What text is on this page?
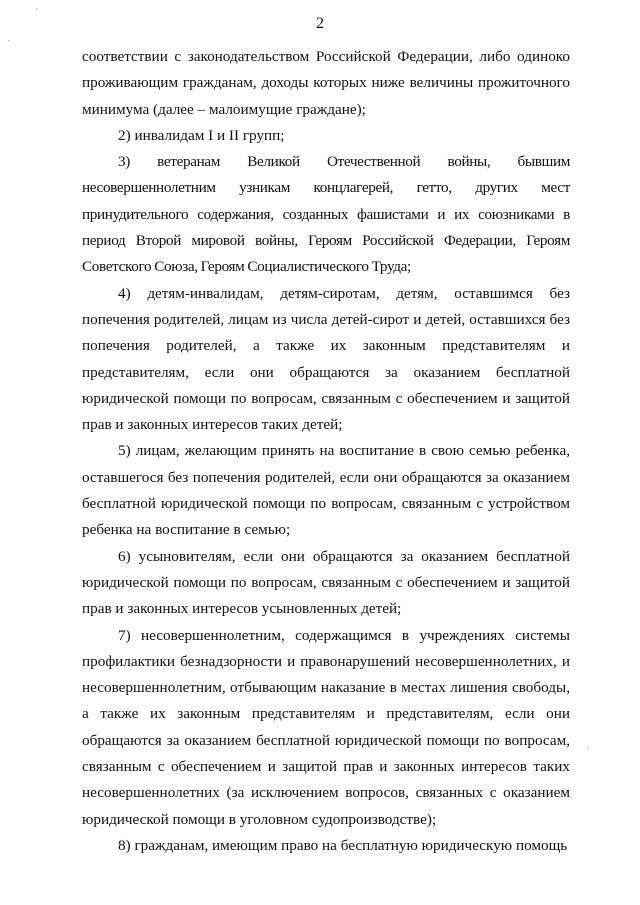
2

соответствии с законодательством Российской Федерации, либо одиноко проживающим гражданам, доходы которых ниже величины прожиточного минимума (далее – малоимущие граждане);

2) инвалидам I и II групп;

3) ветеранам Великой Отечественной войны, бывшим несовершеннолетним узникам концлагерей, гетто, других мест принудительного содержания, созданных фашистами и их союзниками в период Второй мировой войны, Героям Российской Федерации, Героям Советского Союза, Героям Социалистического Труда;

4) детям-инвалидам, детям-сиротам, детям, оставшимся без попечения родителей, лицам из числа детей-сирот и детей, оставшихся без попечения родителей, а также их законным представителям и представителям, если они обращаются за оказанием бесплатной юридической помощи по вопросам, связанным с обеспечением и защитой прав и законных интересов таких детей;

5) лицам, желающим принять на воспитание в свою семью ребенка, оставшегося без попечения родителей, если они обращаются за оказанием бесплатной юридической помощи по вопросам, связанным с устройством ребенка на воспитание в семью;

6) усыновителям, если они обращаются за оказанием бесплатной юридической помощи по вопросам, связанным с обеспечением и защитой прав и законных интересов усыновленных детей;

7) несовершеннолетним, содержащимся в учреждениях системы профилактики безнадзорности и правонарушений несовершеннолетних, и несовершеннолетним, отбывающим наказание в местах лишения свободы, а также их законным представителям и представителям, если они обращаются за оказанием бесплатной юридической помощи по вопросам, связанным с обеспечением и защитой прав и законных интересов таких несовершеннолетних (за исключением вопросов, связанных с оказанием юридической помощи в уголовном судопроизводстве);

8) гражданам, имеющим право на бесплатную юридическую помощь
